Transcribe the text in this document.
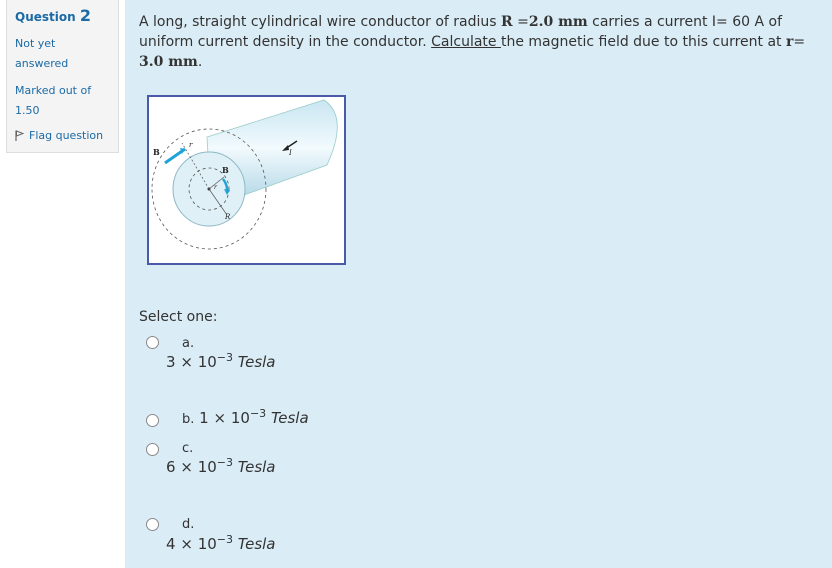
Question 2
Not yet
answered
Marked out of
1.50
Flag question
A long, straight cylindrical wire conductor of radius R =2.0 mm carries a current I= 60 A of uniform current density in the conductor. Calculate the magnetic field due to this current at r=
3.0 mm.
B
r
B
r
I
R
Select one:
a.
$3 \times 10^{-3}$ Tesla
b. $1 \times 10^{-3}$ Tesla
c.
$6 \times 10^{-3}$ Tesla
d.
$4 \times 10^{-3}$ Tesla
